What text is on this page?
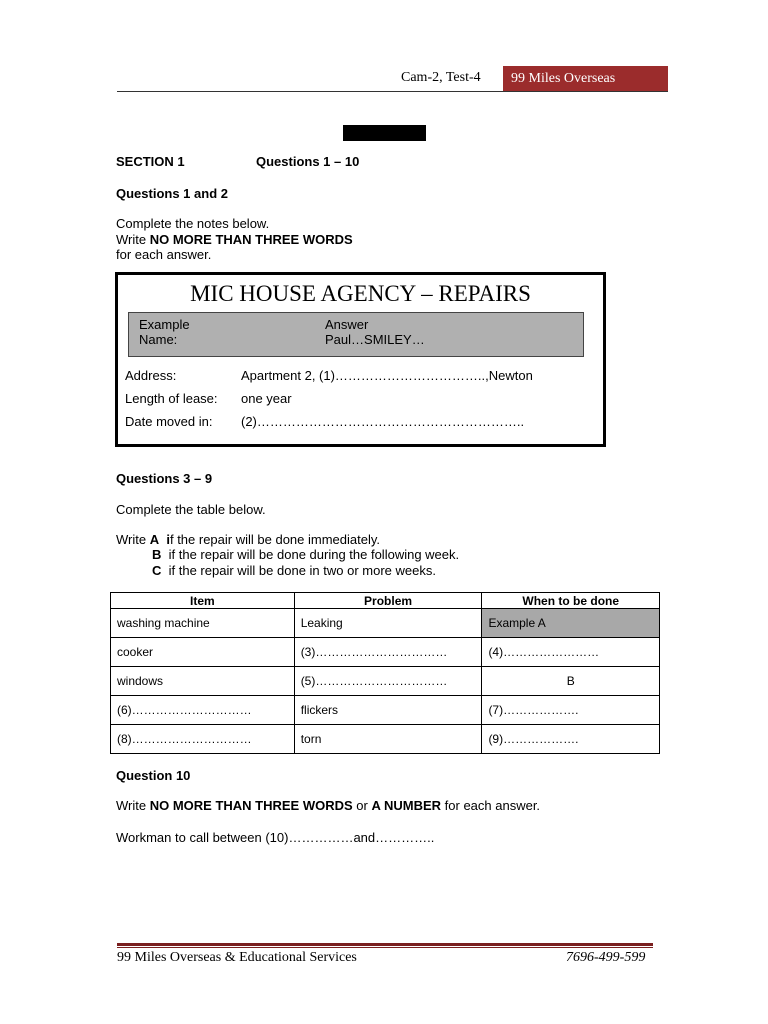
Cam-2, Test-4	99 Miles Overseas
LISTENING
SECTION 1	Questions 1 – 10
Questions 1 and 2
Complete the notes below.
Write NO MORE THAN THREE WORDS
for each answer.
MIC HOUSE AGENCY – REPAIRS
Example	Answer
Name:	Paul…SMILEY…
Address:	Apartment 2, (1)……………………………..,Newton
Length of lease: one year
Date moved in: (2)……………………………………………………..
Questions 3 – 9
Complete the table below.
Write A if the repair will be done immediately.
B if the repair will be done during the following week.
C if the repair will be done in two or more weeks.
Item	Problem	When to be done
washing machine	Leaking	Example A
cooker	(3)……………………………	(4)……………………
windows	(5)……………………………	B
(6)…………………………	flickers	(7)……………….
(8)…………………………	torn	(9)……………….
Question 10
Write NO MORE THAN THREE WORDS or A NUMBER for each answer.
Workman to call between (10)……………and…………..
99 Miles Overseas & Educational Services	7696-499-599
